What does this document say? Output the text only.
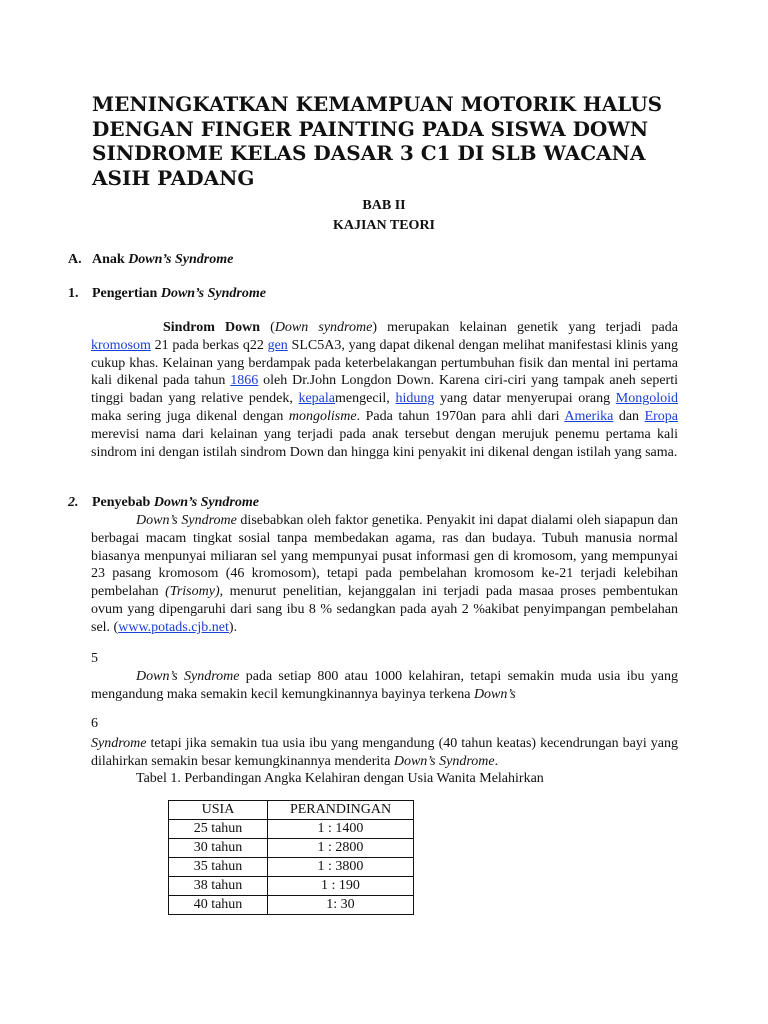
MENINGKATKAN KEMAMPUAN MOTORIK HALUS DENGAN FINGER PAINTING PADA SISWA DOWN SINDROME KELAS DASAR 3 C1 DI SLB WACANA ASIH PADANG

BAB II

KAJIAN TEORI

A. Anak Down’s Syndrome

1. Pengertian Down’s Syndrome

Sindrom Down (Down syndrome) merupakan kelainan genetik yang terjadi pada kromosom 21 pada berkas q22 gen SLC5A3, yang dapat dikenal dengan melihat manifestasi klinis yang cukup khas. Kelainan yang berdampak pada keterbelakangan pertumbuhan fisik dan mental ini pertama kali dikenal pada tahun 1866 oleh Dr.John Longdon Down. Karena ciri-ciri yang tampak aneh seperti tinggi badan yang relative pendek, kepalamengecil, hidung yang datar menyerupai orang Mongoloid maka sering juga dikenal dengan mongolisme. Pada tahun 1970an para ahli dari Amerika dan Eropa merevisi nama dari kelainan yang terjadi pada anak tersebut dengan merujuk penemu pertama kali sindrom ini dengan istilah sindrom Down dan hingga kini penyakit ini dikenal dengan istilah yang sama.

2. Penyebab Down’s Syndrome

Down’s Syndrome disebabkan oleh faktor genetika. Penyakit ini dapat dialami oleh siapapun dan berbagai macam tingkat sosial tanpa membedakan agama, ras dan budaya. Tubuh manusia normal biasanya menpunyai miliaran sel yang mempunyai pusat informasi gen di kromosom, yang mempunyai 23 pasang kromosom (46 kromosom), tetapi pada pembelahan kromosom ke-21 terjadi kelebihan pembelahan (Trisomy), menurut penelitian, kejanggalan ini terjadi pada masaa proses pembentukan ovum yang dipengaruhi dari sang ibu 8 % sedangkan pada ayah 2 %akibat penyimpangan pembelahan sel. (www.potads.cjb.net).

5

Down’s Syndrome pada setiap 800 atau 1000 kelahiran, tetapi semakin muda usia ibu yang mengandung maka semakin kecil kemungkinannya bayinya terkena Down’s

6

Syndrome tetapi jika semakin tua usia ibu yang mengandung (40 tahun keatas) kecendrungan bayi yang dilahirkan semakin besar kemungkinannya menderita Down’s Syndrome.

Tabel 1. Perbandingan Angka Kelahiran dengan Usia Wanita Melahirkan

USIA	PERANDINGAN
25 tahun	1 : 1400
30 tahun	1 : 2800
35 tahun	1 : 3800
38 tahun	1 : 190
40 tahun	1: 30
